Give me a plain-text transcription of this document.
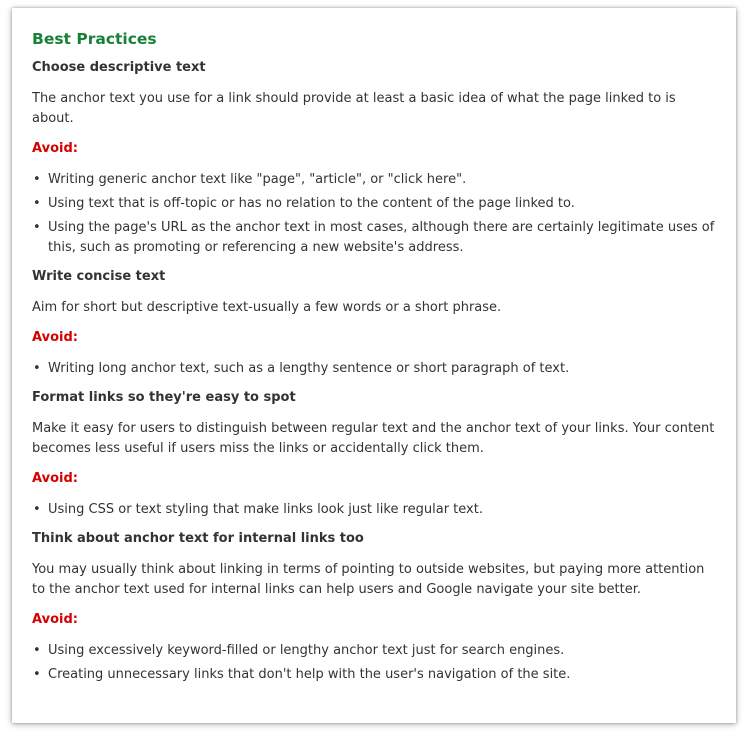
Best Practices
Choose descriptive text
The anchor text you use for a link should provide at least a basic idea of what the page linked to is about.
Avoid:
• Writing generic anchor text like "page", "article", or "click here".
• Using text that is off-topic or has no relation to the content of the page linked to.
• Using the page's URL as the anchor text in most cases, although there are certainly legitimate uses of this, such as promoting or referencing a new website's address.
Write concise text
Aim for short but descriptive text-usually a few words or a short phrase.
Avoid:
• Writing long anchor text, such as a lengthy sentence or short paragraph of text.
Format links so they're easy to spot
Make it easy for users to distinguish between regular text and the anchor text of your links. Your content becomes less useful if users miss the links or accidentally click them.
Avoid:
• Using CSS or text styling that make links look just like regular text.
Think about anchor text for internal links too
You may usually think about linking in terms of pointing to outside websites, but paying more attention to the anchor text used for internal links can help users and Google navigate your site better.
Avoid:
• Using excessively keyword-filled or lengthy anchor text just for search engines.
• Creating unnecessary links that don't help with the user's navigation of the site.
